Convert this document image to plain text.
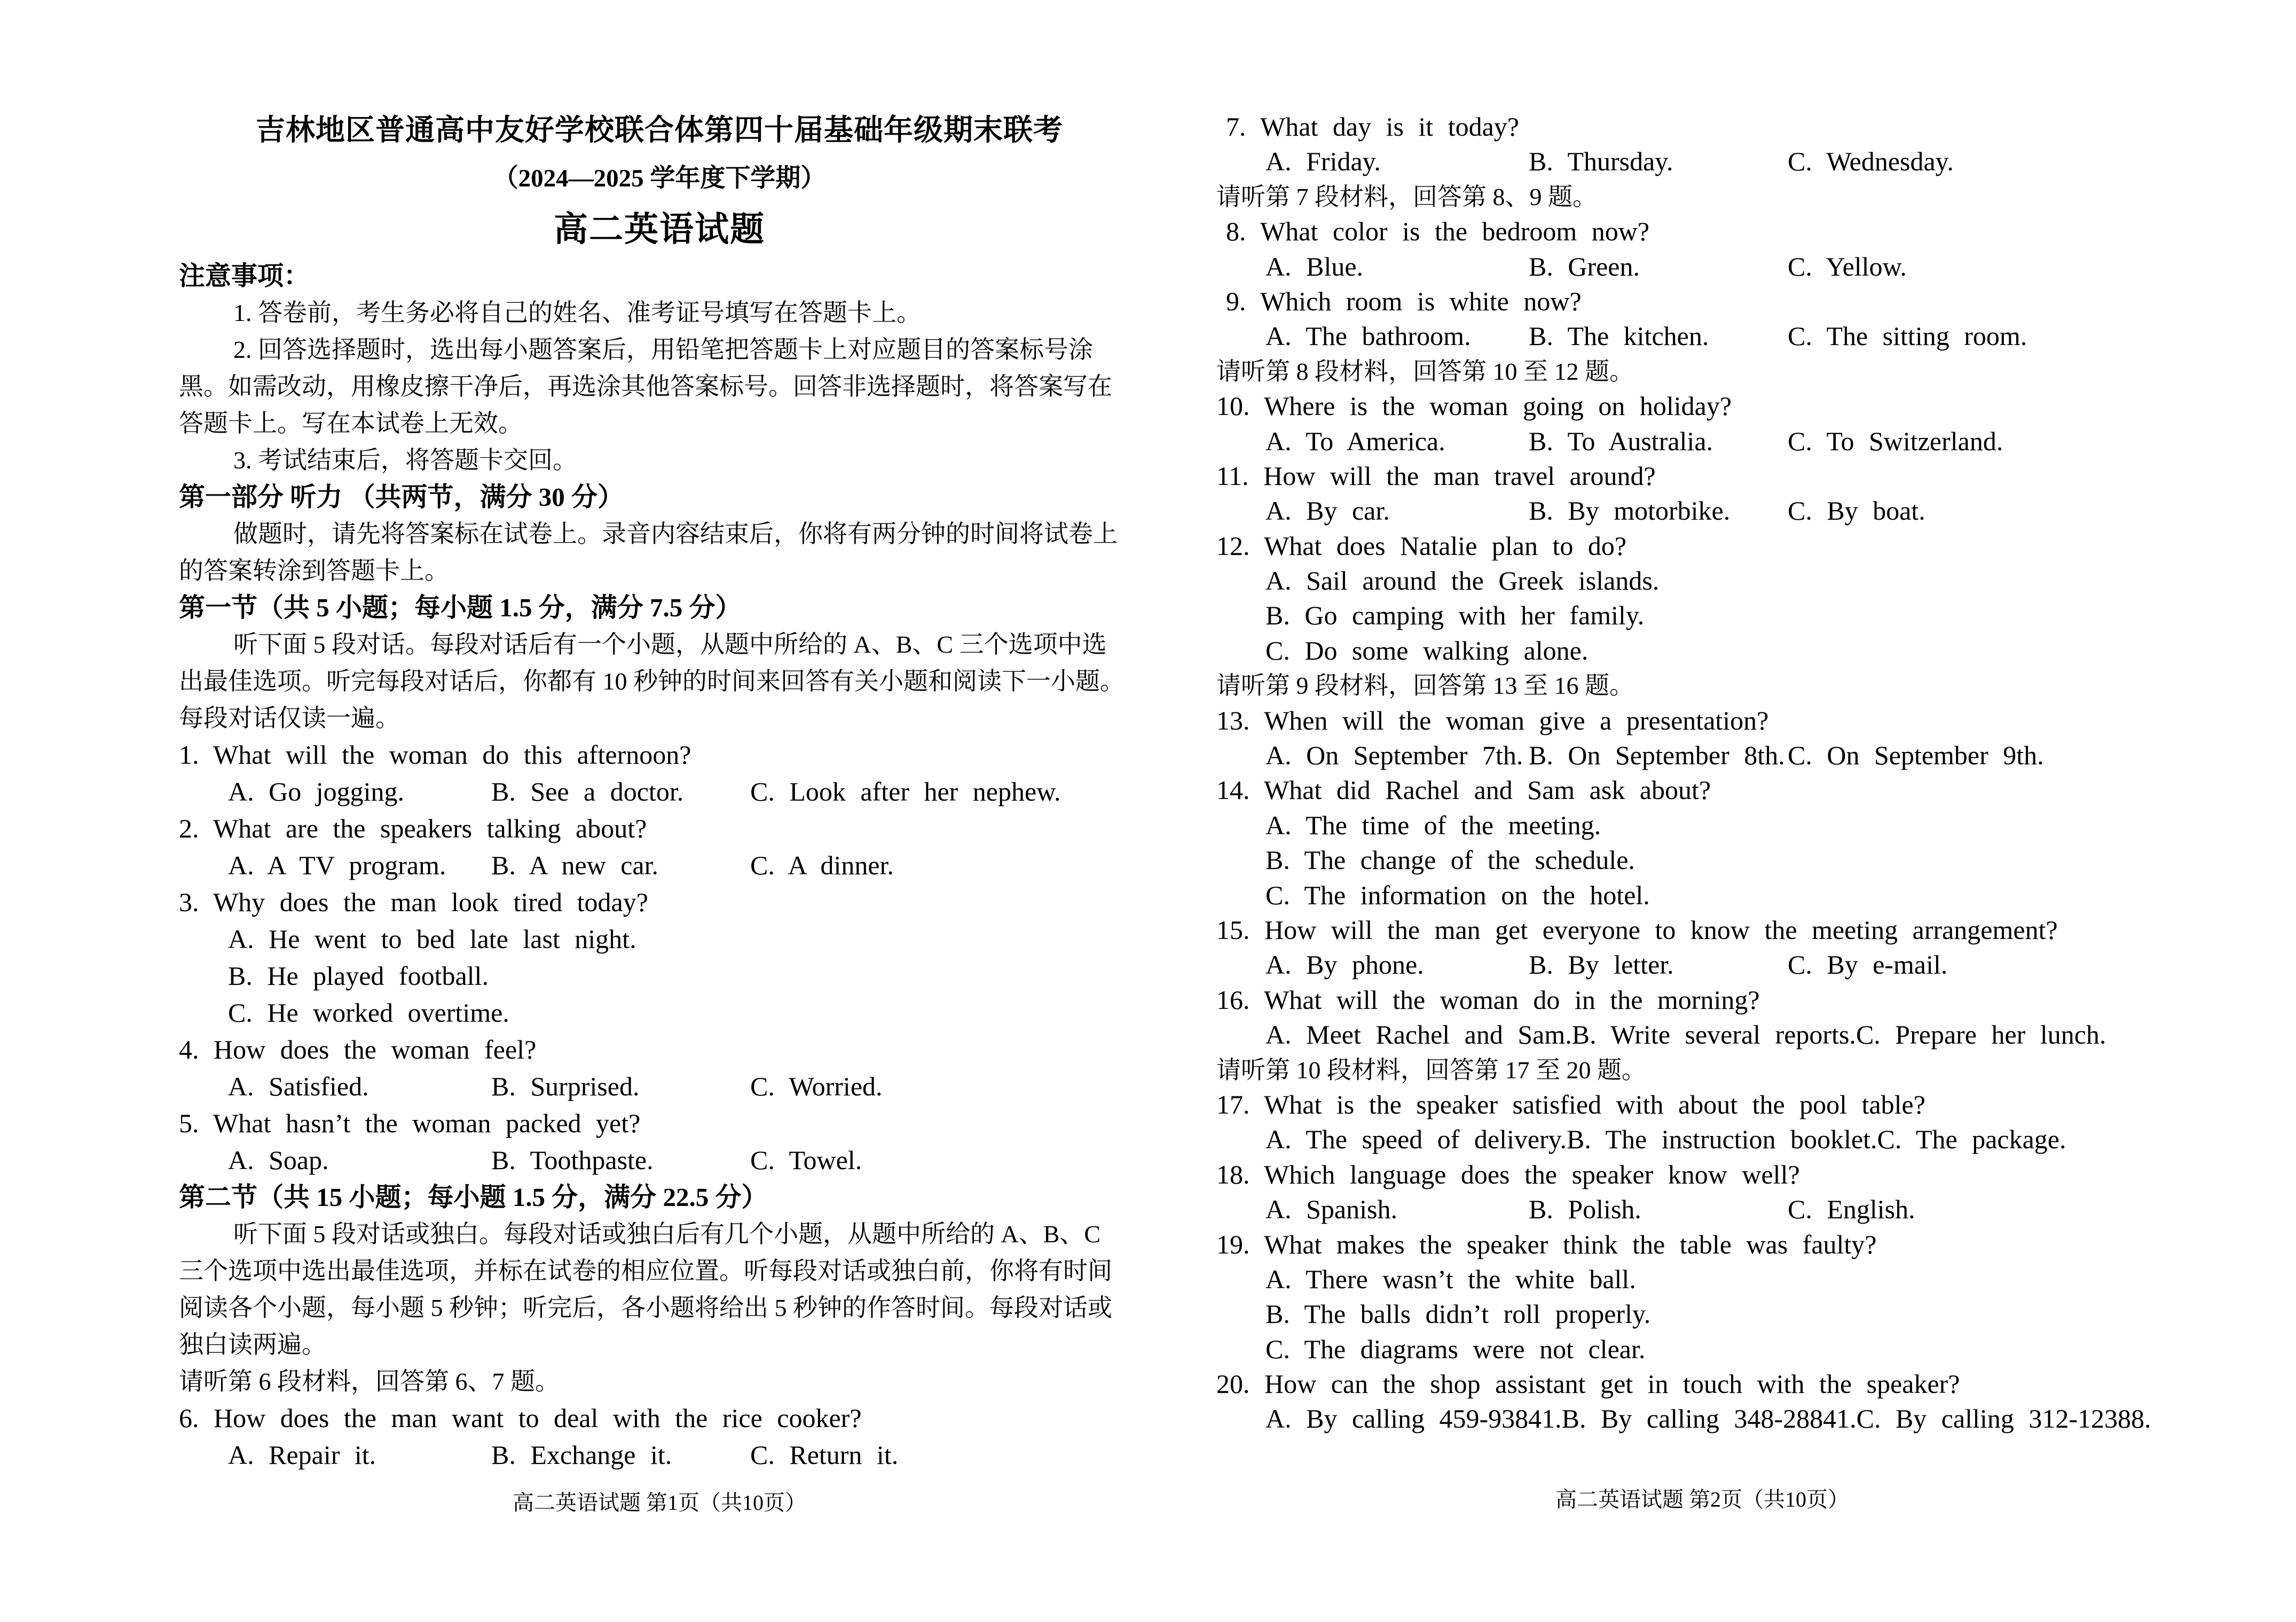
吉林地区普通高中友好学校联合体第四十届基础年级期末联考
（2024—2025 学年度下学期）
高二英语试题
注意事项：
1. 答卷前，考生务必将自己的姓名、准考证号填写在答题卡上。
2. 回答选择题时，选出每小题答案后，用铅笔把答题卡上对应题目的答案标号涂
黑。如需改动，用橡皮擦干净后，再选涂其他答案标号。回答非选择题时，将答案写在
答题卡上。写在本试卷上无效。
3. 考试结束后，将答题卡交回。
第一部分 听力 （共两节，满分 30 分）
做题时，请先将答案标在试卷上。录音内容结束后，你将有两分钟的时间将试卷上
的答案转涂到答题卡上。
第一节（共 5 小题；每小题 1.5 分，满分 7.5 分）
听下面 5 段对话。每段对话后有一个小题，从题中所给的 A、B、C 三个选项中选
出最佳选项。听完每段对话后，你都有 10 秒钟的时间来回答有关小题和阅读下一小题。
每段对话仅读一遍。
1. What will the woman do this afternoon?
A. Go jogging.	B. See a doctor.	C. Look after her nephew.
2. What are the speakers talking about?
A. A TV program.	B. A new car.	C. A dinner.
3. Why does the man look tired today?
A. He went to bed late last night.
B. He played football.
C. He worked overtime.
4. How does the woman feel?
A. Satisfied.	B. Surprised.	C. Worried.
5. What hasn’t the woman packed yet?
A. Soap.	B. Toothpaste.	C. Towel.
第二节（共 15 小题；每小题 1.5 分，满分 22.5 分）
听下面 5 段对话或独白。每段对话或独白后有几个小题，从题中所给的 A、B、C
三个选项中选出最佳选项，并标在试卷的相应位置。听每段对话或独白前，你将有时间
阅读各个小题，每小题 5 秒钟；听完后，各小题将给出 5 秒钟的作答时间。每段对话或
独白读两遍。
请听第 6 段材料，回答第 6、7 题。
6. How does the man want to deal with the rice cooker?
A. Repair it.	B. Exchange it.	C. Return it.
高二英语试题 第1页（共10页）
7. What day is it today?
A. Friday.	B. Thursday.	C. Wednesday.
请听第 7 段材料，回答第 8、9 题。
8. What color is the bedroom now?
A. Blue.	B. Green.	C. Yellow.
9. Which room is white now?
A. The bathroom.	B. The kitchen.	C. The sitting room.
请听第 8 段材料，回答第 10 至 12 题。
10. Where is the woman going on holiday?
A. To America.	B. To Australia.	C. To Switzerland.
11. How will the man travel around?
A. By car.	B. By motorbike.	C. By boat.
12. What does Natalie plan to do?
A. Sail around the Greek islands.
B. Go camping with her family.
C. Do some walking alone.
请听第 9 段材料，回答第 13 至 16 题。
13. When will the woman give a presentation?
A. On September 7th. B. On September 8th. C. On September 9th.
14. What did Rachel and Sam ask about?
A. The time of the meeting.
B. The change of the schedule.
C. The information on the hotel.
15. How will the man get everyone to know the meeting arrangement?
A. By phone.	B. By letter.	C. By e-mail.
16. What will the woman do in the morning?
A. Meet Rachel and Sam. B. Write several reports. C. Prepare her lunch.
请听第 10 段材料，回答第 17 至 20 题。
17. What is the speaker satisfied with about the pool table?
A. The speed of delivery. B. The instruction booklet. C. The package.
18. Which language does the speaker know well?
A. Spanish.	B. Polish.	C. English.
19. What makes the speaker think the table was faulty?
A. There wasn’t the white ball.
B. The balls didn’t roll properly.
C. The diagrams were not clear.
20. How can the shop assistant get in touch with the speaker?
A. By calling 459-93841. B. By calling 348-28841. C. By calling 312-12388.
高二英语试题 第2页（共10页）
